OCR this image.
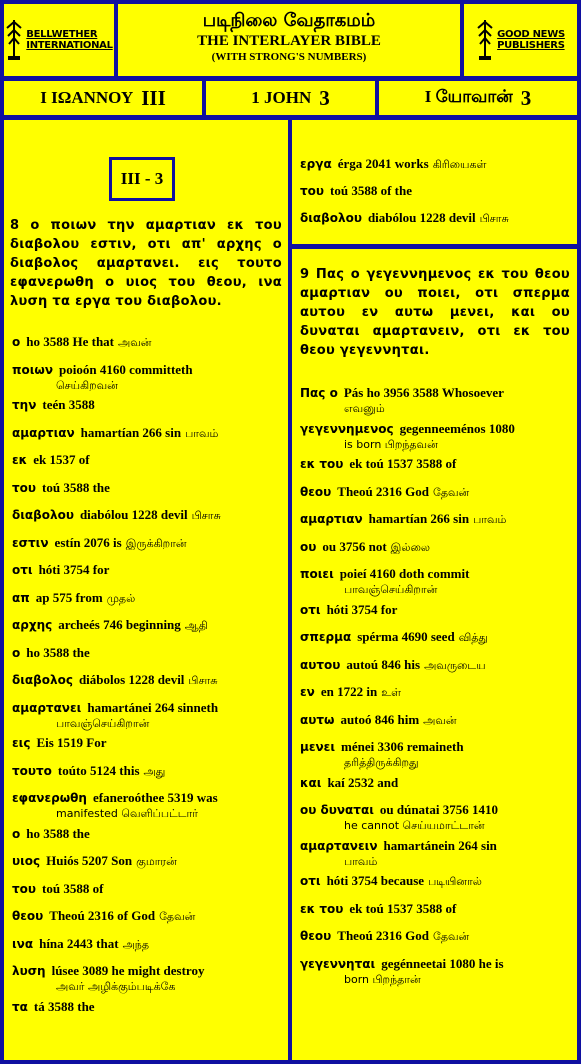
BELLWETHER
INTERNATIONAL
படிநிலை வேதாகமம்
THE INTERLAYER BIBLE
(WITH STRONG'S NUMBERS)
GOOD NEWS
PUBLISHERS
I ΙΩΑΝΝΟΥ III	1 JOHN 3	I யோவான் 3
III - 3
8 ο ποιων την αμαρτιαν εκ του διαβολου εστιν, οτι απ' αρχης ο διαβολος αμαρτανει. εις τουτο εφανερωθη ο υιος του θεου, ινα λυση τα εργα του διαβολου.
ο ho 3588 He that அவன்
ποιων poioón 4160 committeth
செய்கிறவன்
την teén 3588
αμαρτιαν hamartían 266 sin பாவம்
εκ ek 1537 of
του toú 3588 the
διαβολου diabólou 1228 devil பிசாசு
εστιν estín 2076 is இருக்கிறான்
οτι hóti 3754 for
απ ap 575 from முதல்
αρχης archeés 746 beginning ஆதி
ο ho 3588 the
διαβολος diábolos 1228 devil பிசாசு
αμαρτανει hamartánei 264 sinneth
பாவஞ்செய்கிறான்
εις Eis 1519 For
τουτο toúto 5124 this அது
εφανερωθη efaneroóthee 5319 was
manifested வெளிப்பட்டார்
ο ho 3588 the
υιος Huiós 5207 Son குமாரன்
του toú 3588 of
θεου Theoú 2316 of God தேவன்
ινα hína 2443 that அந்த
λυση lúsee 3089 he might destroy
அவர் அழிக்கும்படிக்கே
τα tá 3588 the
εργα érga 2041 works கிரியைகள்
του toú 3588 of the
διαβολου diabólou 1228 devil பிசாசு
9 Πας ο γεγεννημενος εκ του θεου αμαρτιαν ου ποιει, οτι σπερμα αυτου εν αυτω μενει, και ου δυναται αμαρτανειν, οτι εκ του θεου γεγεννηται.
Πας ο Pás ho 3956 3588 Whosoever
எவனும்
γεγεννημενος gegenneeménos 1080
is born பிறந்தவன்
εκ του ek toú 1537 3588 of
θεου Theoú 2316 God தேவன்
αμαρτιαν hamartían 266 sin பாவம்
ου ou 3756 not இல்லை
ποιει poieí 4160 doth commit
பாவஞ்செய்கிறான்
οτι hóti 3754 for
σπερμα spérma 4690 seed வித்து
αυτου autoú 846 his அவருடைய
εν en 1722 in உள்
αυτω autoó 846 him அவன்
μενει ménei 3306 remaineth
தரித்திருக்கிறது
και kaí 2532 and
ου δυναται ou dúnatai 3756 1410
he cannot செய்யமாட்டான்
αμαρτανειν hamartánein 264 sin
பாவம்
οτι hóti 3754 because படியினால்
εκ του ek toú 1537 3588 of
θεου Theoú 2316 God தேவன்
γεγεννηται gegénneetai 1080 he is
born பிறந்தான்
